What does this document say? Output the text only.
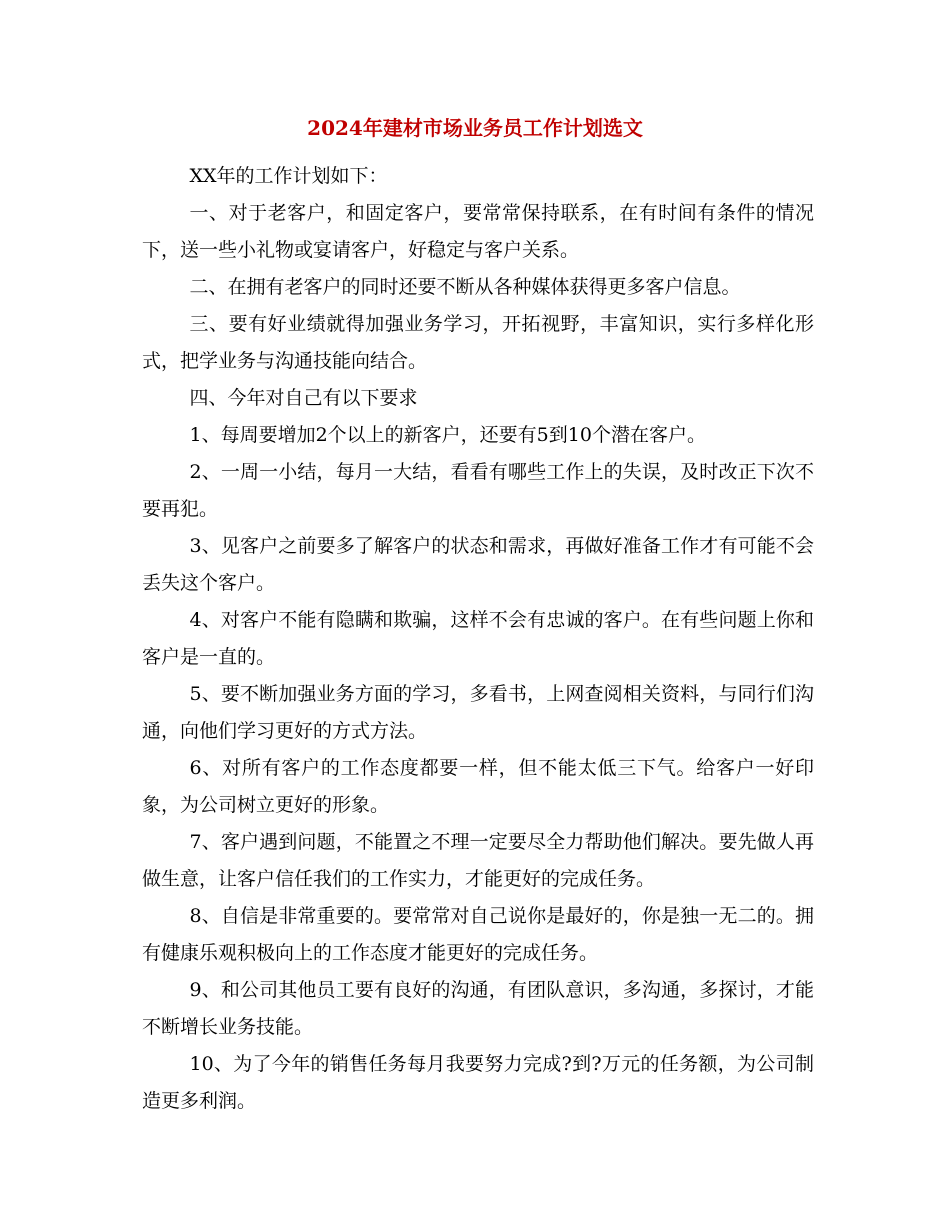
2024年建材市场业务员工作计划选文

XX年的工作计划如下：

一、对于老客户，和固定客户，要常常保持联系，在有时间有条件的情况下，送一些小礼物或宴请客户，好稳定与客户关系。

二、在拥有老客户的同时还要不断从各种媒体获得更多客户信息。

三、要有好业绩就得加强业务学习，开拓视野，丰富知识，实行多样化形式，把学业务与沟通技能向结合。

四、今年对自己有以下要求

1、每周要增加2个以上的新客户，还要有5到10个潜在客户。

2、一周一小结，每月一大结，看看有哪些工作上的失误，及时改正下次不要再犯。

3、见客户之前要多了解客户的状态和需求，再做好准备工作才有可能不会丢失这个客户。

4、对客户不能有隐瞒和欺骗，这样不会有忠诚的客户。在有些问题上你和客户是一直的。

5、要不断加强业务方面的学习，多看书，上网查阅相关资料，与同行们沟通，向他们学习更好的方式方法。

6、对所有客户的工作态度都要一样，但不能太低三下气。给客户一好印象，为公司树立更好的形象。

7、客户遇到问题，不能置之不理一定要尽全力帮助他们解决。要先做人再做生意，让客户信任我们的工作实力，才能更好的完成任务。

8、自信是非常重要的。要常常对自己说你是最好的，你是独一无二的。拥有健康乐观积极向上的工作态度才能更好的完成任务。

9、和公司其他员工要有良好的沟通，有团队意识，多沟通，多探讨，才能不断增长业务技能。

10、为了今年的销售任务每月我要努力完成?到?万元的任务额，为公司制造更多利润。
